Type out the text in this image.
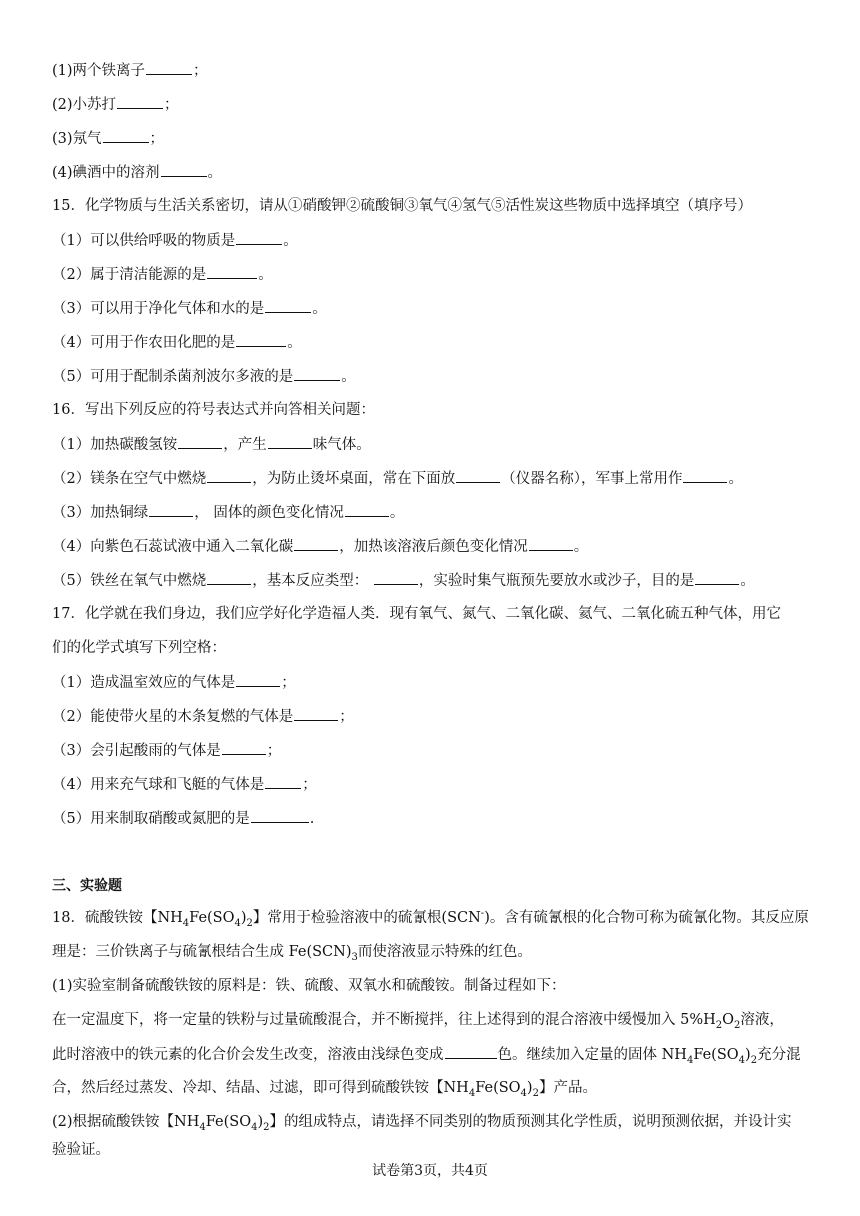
(1)两个铁离子	；
(2)小苏打	；
(3)氖气	；
(4)碘酒中的溶剂	。
15．化学物质与生活关系密切，请从①硝酸钾②硫酸铜③氧气④氢气⑤活性炭这些物质中选择填空（填序号）
（1）可以供给呼吸的物质是	。
（2）属于清洁能源的是	。
（3）可以用于净化气体和水的是	。
（4）可用于作农田化肥的是	。
（5）可用于配制杀菌剂波尔多液的是	。
16．写出下列反应的符号表达式并向答相关问题：
（1）加热碳酸氢铵	，产生	味气体。
（2）镁条在空气中燃烧	，为防止烫坏桌面，常在下面放	（仪器名称），军事上常用作	。
（3）加热铜绿	， 固体的颜色变化情况	。
（4）向紫色石蕊试液中通入二氧化碳	，加热该溶液后颜色变化情况	。
（5）铁丝在氧气中燃烧	，基本反应类型：	，实验时集气瓶预先要放水或沙子，目的是	。
17．化学就在我们身边，我们应学好化学造福人类．现有氧气、氮气、二氧化碳、氦气、二氧化硫五种气体，用它
们的化学式填写下列空格：
（1）造成温室效应的气体是	；
（2）能使带火星的木条复燃的气体是	；
（3）会引起酸雨的气体是	；
（4）用来充气球和飞艇的气体是	；
（5）用来制取硝酸或氮肥的是	.
三、实验题
18．硫酸铁铵【$NH_4Fe(SO_4)_2$】常用于检验溶液中的硫氰根(SCN-)。含有硫氰根的化合物可称为硫氰化物。其反应原
理是：三价铁离子与硫氰根结合生成 $Fe(SCN)_3$而使溶液显示特殊的红色。
(1)实验室制备硫酸铁铵的原料是：铁、硫酸、双氧水和硫酸铵。制备过程如下：
在一定温度下，将一定量的铁粉与过量硫酸混合，并不断搅拌，往上述得到的混合溶液中缓慢加入 $5\%H_2O_2$溶液，
此时溶液中的铁元素的化合价会发生改变，溶液由浅绿色变成	色。继续加入定量的固体 $NH_4Fe(SO_4)_2$充分混
合，然后经过蒸发、冷却、结晶、过滤，即可得到硫酸铁铵【$NH_4Fe(SO_4)_2$】产品。
(2)根据硫酸铁铵【$NH_4Fe(SO_4)_2$】的组成特点，请选择不同类别的物质预测其化学性质，说明预测依据，并设计实
验验证。
试卷第3页，共4页
